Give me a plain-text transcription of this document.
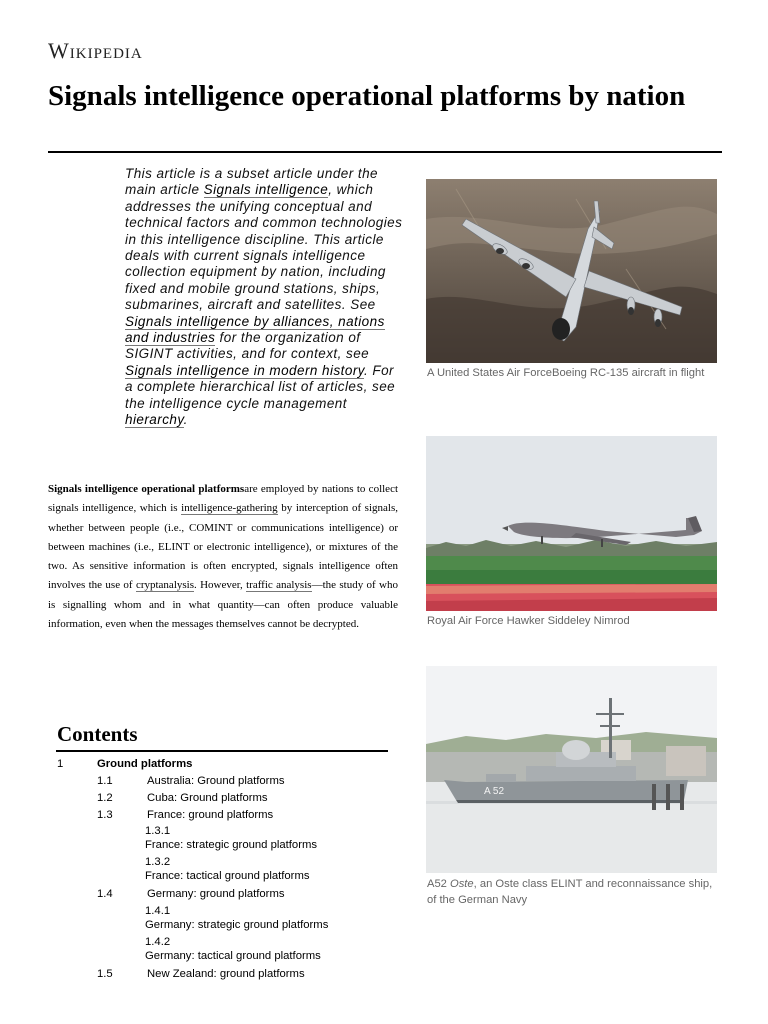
Wikipedia
Signals intelligence operational platforms by nation
This article is a subset article under the main article Signals intelligence, which addresses the unifying conceptual and technical factors and common technologies in this intelligence discipline. This article deals with current signals intelligence collection equipment by nation, including fixed and mobile ground stations, ships, submarines, aircraft and satellites. See Signals intelligence by alliances, nations and industries for the organization of SIGINT activities, and for context, see Signals intelligence in modern history. For a complete hierarchical list of articles, see the intelligence cycle management hierarchy.
Signals intelligence operational platformsare employed by nations to collect signals intelligence, which is intelligence-gathering by interception of signals, whether between people (i.e., COMINT or communications intelligence) or between machines (i.e., ELINT or electronic intelligence), or mixtures of the two. As sensitive information is often encrypted, signals intelligence often involves the use of cryptanalysis. However, traffic analysis—the study of who is signalling whom and in what quantity—can often produce valuable information, even when the messages themselves cannot be decrypted.
Contents
1	Ground platforms
1.1	Australia: Ground platforms
1.2	Cuba: Ground platforms
1.3	France: ground platforms
1.3.1
France: strategic ground platforms
1.3.2
France: tactical ground platforms
1.4	Germany: ground platforms
1.4.1
Germany: strategic ground platforms
1.4.2
Germany: tactical ground platforms
1.5	New Zealand: ground platforms
A United States Air ForceBoeing RC-135 aircraft in flight
Royal Air Force Hawker Siddeley Nimrod
A 52
A52 Oste, an Oste class ELINT and reconnaissance ship, of the German Navy
